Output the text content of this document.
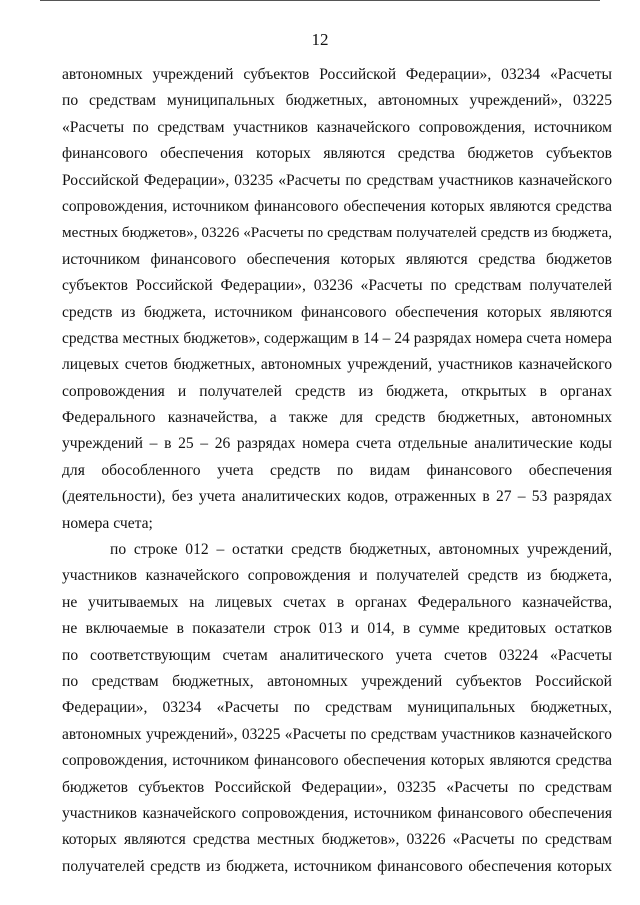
12
автономных учреждений субъектов Российской Федерации», 03234 «Расчеты
по средствам муниципальных бюджетных, автономных учреждений», 03225
«Расчеты по средствам участников казначейского сопровождения, источником
финансового обеспечения которых являются средства бюджетов субъектов
Российской Федерации», 03235 «Расчеты по средствам участников казначейского
сопровождения, источником финансового обеспечения которых являются средства
местных бюджетов», 03226 «Расчеты по средствам получателей средств из бюджета,
источником финансового обеспечения которых являются средства бюджетов
субъектов Российской Федерации», 03236 «Расчеты по средствам получателей
средств из бюджета, источником финансового обеспечения которых являются
средства местных бюджетов», содержащим в 14 – 24 разрядах номера счета номера
лицевых счетов бюджетных, автономных учреждений, участников казначейского
сопровождения и получателей средств из бюджета, открытых в органах
Федерального казначейства, а также для средств бюджетных, автономных
учреждений – в 25 – 26 разрядах номера счета отдельные аналитические коды
для обособленного учета средств по видам финансового обеспечения
(деятельности), без учета аналитических кодов, отраженных в 27 – 53 разрядах
номера счета;
по строке 012 – остатки средств бюджетных, автономных учреждений,
участников казначейского сопровождения и получателей средств из бюджета,
не учитываемых на лицевых счетах в органах Федерального казначейства,
не включаемые в показатели строк 013 и 014, в сумме кредитовых остатков
по соответствующим счетам аналитического учета счетов 03224 «Расчеты
по средствам бюджетных, автономных учреждений субъектов Российской
Федерации», 03234 «Расчеты по средствам муниципальных бюджетных,
автономных учреждений», 03225 «Расчеты по средствам участников казначейского
сопровождения, источником финансового обеспечения которых являются средства
бюджетов субъектов Российской Федерации», 03235 «Расчеты по средствам
участников казначейского сопровождения, источником финансового обеспечения
которых являются средства местных бюджетов», 03226 «Расчеты по средствам
получателей средств из бюджета, источником финансового обеспечения которых
